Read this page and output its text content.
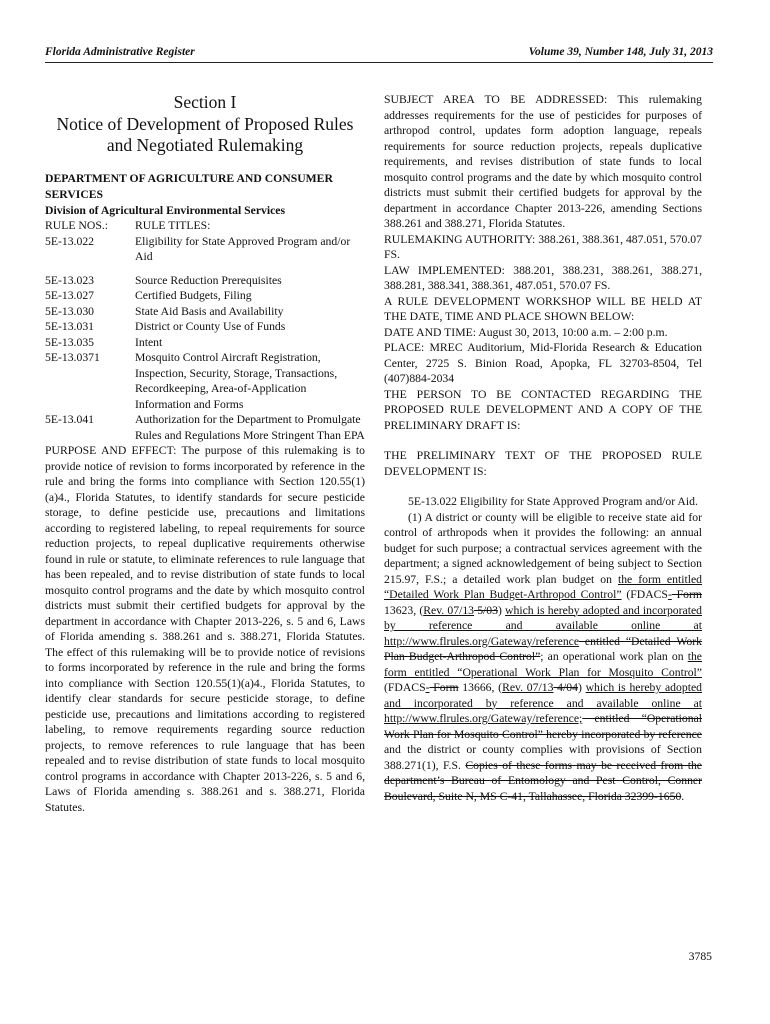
Florida Administrative Register	Volume 39, Number 148, July 31, 2013
Section I
Notice of Development of Proposed Rules
and Negotiated Rulemaking
DEPARTMENT OF AGRICULTURE AND CONSUMER SERVICES
Division of Agricultural Environmental Services
RULE NOS.:	RULE TITLES:
5E-13.022	Eligibility for State Approved Program and/or Aid
5E-13.023	Source Reduction Prerequisites
5E-13.027	Certified Budgets, Filing
5E-13.030	State Aid Basis and Availability
5E-13.031	District or County Use of Funds
5E-13.035	Intent
5E-13.0371	Mosquito Control Aircraft Registration, Inspection, Security, Storage, Transactions, Recordkeeping, Area-of-Application Information and Forms
5E-13.041	Authorization for the Department to Promulgate Rules and Regulations More Stringent Than EPA
PURPOSE AND EFFECT: The purpose of this rulemaking is to provide notice of revision to forms incorporated by reference in the rule and bring the forms into compliance with Section 120.55(1)(a)4., Florida Statutes, to identify standards for secure pesticide storage, to define pesticide use, precautions and limitations according to registered labeling, to repeal requirements for source reduction projects, to repeal duplicative requirements otherwise found in rule or statute, to eliminate references to rule language that has been repealed, and to revise distribution of state funds to local mosquito control programs and the date by which mosquito control districts must submit their certified budgets for approval by the department in accordance with Chapter 2013-226, s. 5 and 6, Laws of Florida amending s. 388.261 and s. 388.271, Florida Statutes. The effect of this rulemaking will be to provide notice of revisions to forms incorporated by reference in the rule and bring the forms into compliance with Section 120.55(1)(a)4., Florida Statutes, to identify clear standards for secure pesticide storage, to define pesticide use, precautions and limitations according to registered labeling, to remove requirements regarding source reduction projects, to remove references to rule language that has been repealed and to revise distribution of state funds to local mosquito control programs in accordance with Chapter 2013-226, s. 5 and 6, Laws of Florida amending s. 388.261 and s. 388.271, Florida Statutes.
SUBJECT AREA TO BE ADDRESSED: This rulemaking addresses requirements for the use of pesticides for purposes of arthropod control, updates form adoption language, repeals requirements for source reduction projects, repeals duplicative requirements, and revises distribution of state funds to local mosquito control programs and the date by which mosquito control districts must submit their certified budgets for approval by the department in accordance Chapter 2013-226, amending Sections 388.261 and 388.271, Florida Statutes.
RULEMAKING AUTHORITY: 388.261, 388.361, 487.051, 570.07 FS.
LAW IMPLEMENTED: 388.201, 388.231, 388.261, 388.271, 388.281, 388.341, 388.361, 487.051, 570.07 FS.
A RULE DEVELOPMENT WORKSHOP WILL BE HELD AT THE DATE, TIME AND PLACE SHOWN BELOW:
DATE AND TIME: August 30, 2013, 10:00 a.m. – 2:00 p.m.
PLACE: MREC Auditorium, Mid-Florida Research & Education Center, 2725 S. Binion Road, Apopka, FL 32703-8504, Tel (407)884-2034
THE PERSON TO BE CONTACTED REGARDING THE PROPOSED RULE DEVELOPMENT AND A COPY OF THE PRELIMINARY DRAFT IS:
THE PRELIMINARY TEXT OF THE PROPOSED RULE DEVELOPMENT IS:
5E-13.022 Eligibility for State Approved Program and/or Aid.
(1) A district or county will be eligible to receive state aid for control of arthropods when it provides the following: an annual budget for such purpose; a contractual services agreement with the department; a signed acknowledgement of being subject to Section 215.97, F.S.; a detailed work plan budget on the form entitled “Detailed Work Plan Budget-Arthropod Control” (FDACS- Form 13623, (Rev. 07/13 5/03) which is hereby adopted and incorporated by reference and available online at http://www.flrules.org/Gateway/reference entitled “Detailed Work Plan Budget-Arthropod Control”; an operational work plan on the form entitled “Operational Work Plan for Mosquito Control” (FDACS- Form 13666, (Rev. 07/13 4/04) which is hereby adopted and incorporated by reference and available online at http://www.flrules.org/Gateway/reference; entitled “Operational Work Plan for Mosquito Control” hereby incorporated by reference and the district or county complies with provisions of Section 388.271(1), F.S. Copies of these forms may be received from the department’s Bureau of Entomology and Pest Control, Conner Boulevard, Suite N, MS C-41, Tallahassee, Florida 32399-1650.
3785
